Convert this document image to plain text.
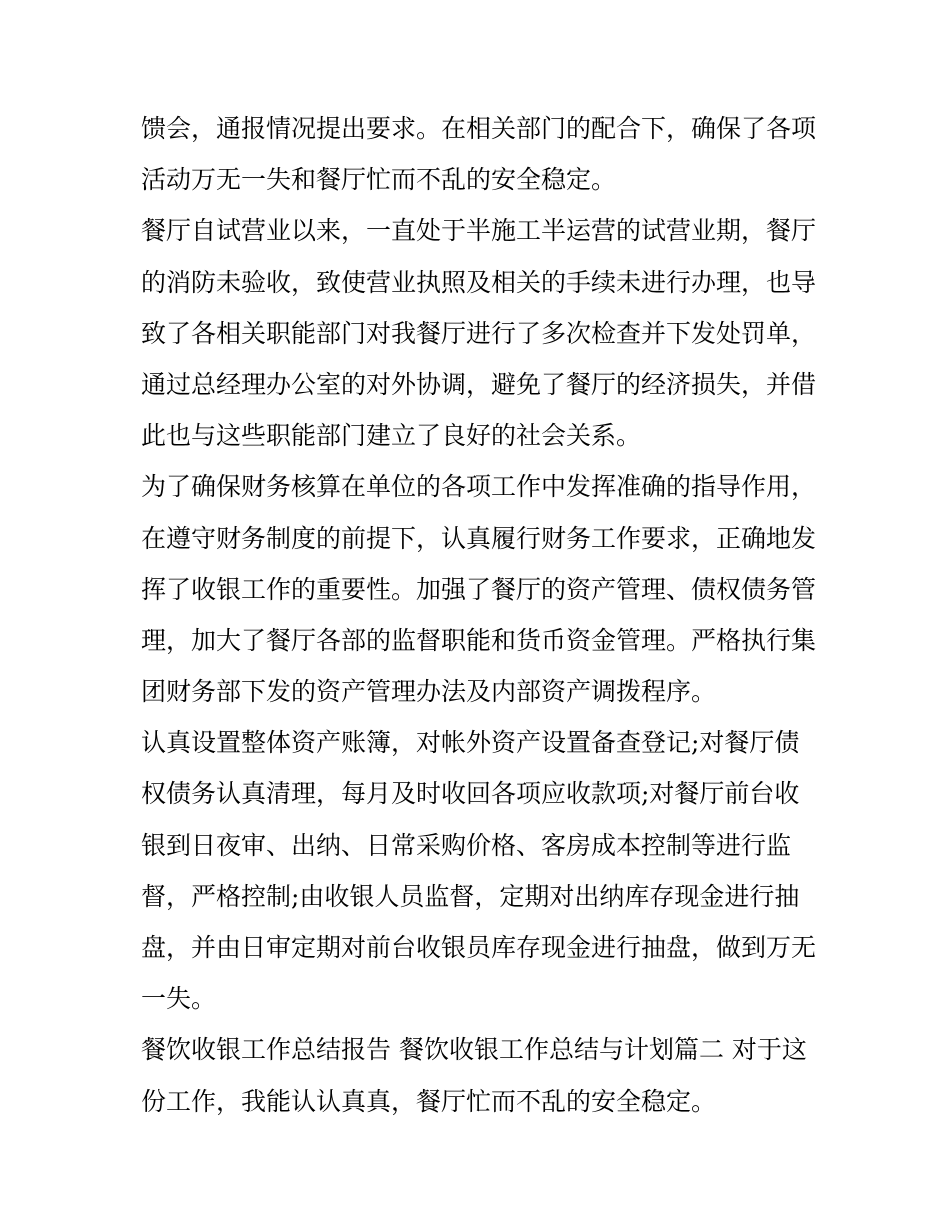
馈会，通报情况提出要求。在相关部门的配合下，确保了各项
活动万无一失和餐厅忙而不乱的安全稳定。
餐厅自试营业以来，一直处于半施工半运营的试营业期，餐厅
的消防未验收，致使营业执照及相关的手续未进行办理，也导
致了各相关职能部门对我餐厅进行了多次检查并下发处罚单，
通过总经理办公室的对外协调，避免了餐厅的经济损失，并借
此也与这些职能部门建立了良好的社会关系。
为了确保财务核算在单位的各项工作中发挥准确的指导作用，
在遵守财务制度的前提下，认真履行财务工作要求，正确地发
挥了收银工作的重要性。加强了餐厅的资产管理、债权债务管
理，加大了餐厅各部的监督职能和货币资金管理。严格执行集
团财务部下发的资产管理办法及内部资产调拨程序。
认真设置整体资产账簿，对帐外资产设置备查登记;对餐厅债
权债务认真清理，每月及时收回各项应收款项;对餐厅前台收
银到日夜审、出纳、日常采购价格、客房成本控制等进行监
督，严格控制;由收银人员监督，定期对出纳库存现金进行抽
盘，并由日审定期对前台收银员库存现金进行抽盘，做到万无
一失。
餐饮收银工作总结报告 餐饮收银工作总结与计划篇二 对于这
份工作，我能认认真真，餐厅忙而不乱的安全稳定。
